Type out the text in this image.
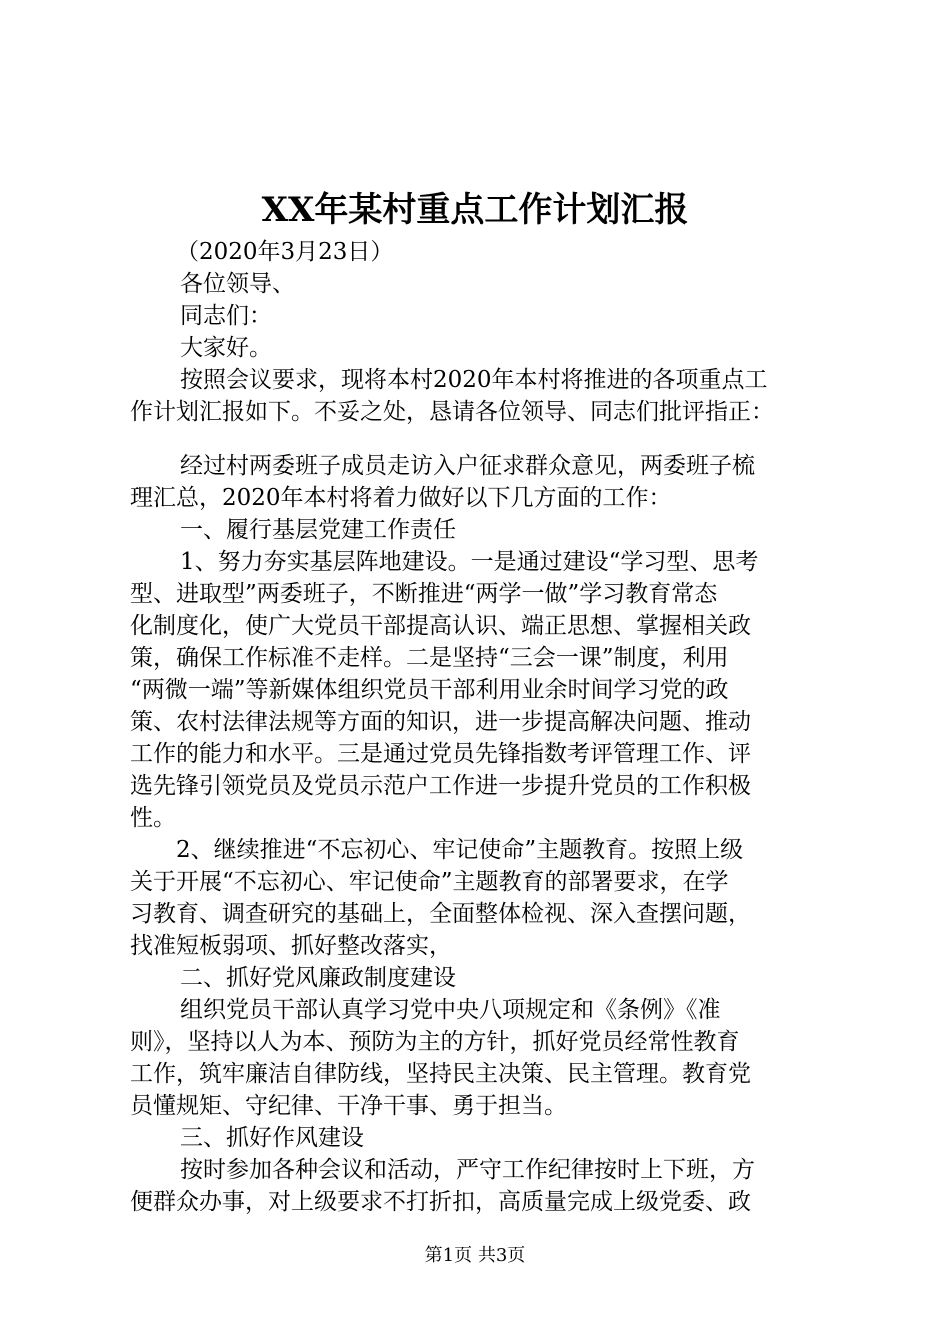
XX年某村重点工作计划汇报
（2020年3月23日）
各位领导、
同志们：
大家好。
按照会议要求，现将本村2020年本村将推进的各项重点工
作计划汇报如下。不妥之处，恳请各位领导、同志们批评指正：
经过村两委班子成员走访入户征求群众意见，两委班子梳
理汇总，2020年本村将着力做好以下几方面的工作：
一、履行基层党建工作责任
1、努力夯实基层阵地建设。一是通过建设“学习型、思考
型、进取型”两委班子，不断推进“两学一做”学习教育常态
化制度化，使广大党员干部提高认识、端正思想、掌握相关政
策，确保工作标准不走样。二是坚持“三会一课”制度，利用
“两微一端”等新媒体组织党员干部利用业余时间学习党的政
策、农村法律法规等方面的知识，进一步提高解决问题、推动
工作的能力和水平。三是通过党员先锋指数考评管理工作、评
选先锋引领党员及党员示范户工作进一步提升党员的工作积极
性。
2、继续推进“不忘初心、牢记使命”主题教育。按照上级
关于开展“不忘初心、牢记使命”主题教育的部署要求，在学
习教育、调查研究的基础上，全面整体检视、深入查摆问题，
找准短板弱项、抓好整改落实，
二、抓好党风廉政制度建设
组织党员干部认真学习党中央八项规定和《条例》《准
则》，坚持以人为本、预防为主的方针，抓好党员经常性教育
工作，筑牢廉洁自律防线，坚持民主决策、民主管理。教育党
员懂规矩、守纪律、干净干事、勇于担当。
三、抓好作风建设
按时参加各种会议和活动，严守工作纪律按时上下班，方
便群众办事，对上级要求不打折扣，高质量完成上级党委、政
第1页 共3页
